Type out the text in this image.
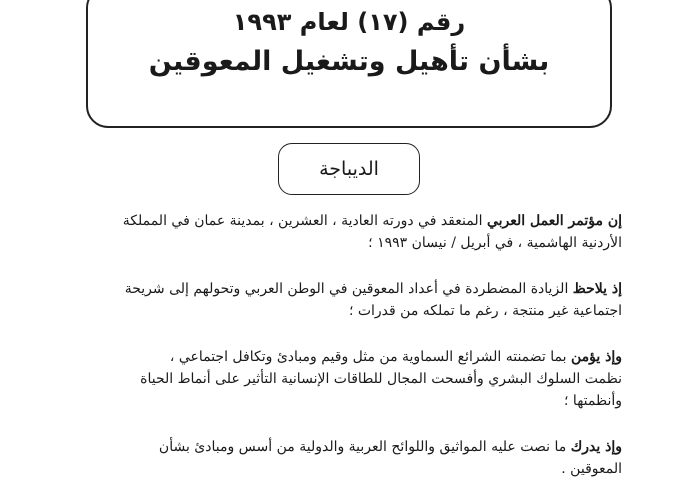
رقم (١٧) لعام ١٩٩٣
بشأن تأهيل وتشغيل المعوقين
الديباجة
إن مؤتمر العمل العربي المنعقد في دورته العادية ، العشرين ، بمدينة عمان في المملكة
الأردنية الهاشمية ، في أبريل / نيسان ١٩٩٣ ؛
إذ يلاحظ الزيادة المضطردة في أعداد المعوقين في الوطن العربي وتحولهم إلى شريحة
اجتماعية غير منتجة ، رغم ما تملكه من قدرات ؛
وإذ يؤمن بما تضمنته الشرائع السماوية من مثل وقيم ومبادئ وتكافل اجتماعي ،
نظمت السلوك البشري وأفسحت المجال للطاقات الإنسانية التأثير على أنماط الحياة
وأنظمتها ؛
وإذ يدرك ما نصت عليه المواثيق واللوائح العربية والدولية من أسس ومبادئ بشأن
المعوقين .
